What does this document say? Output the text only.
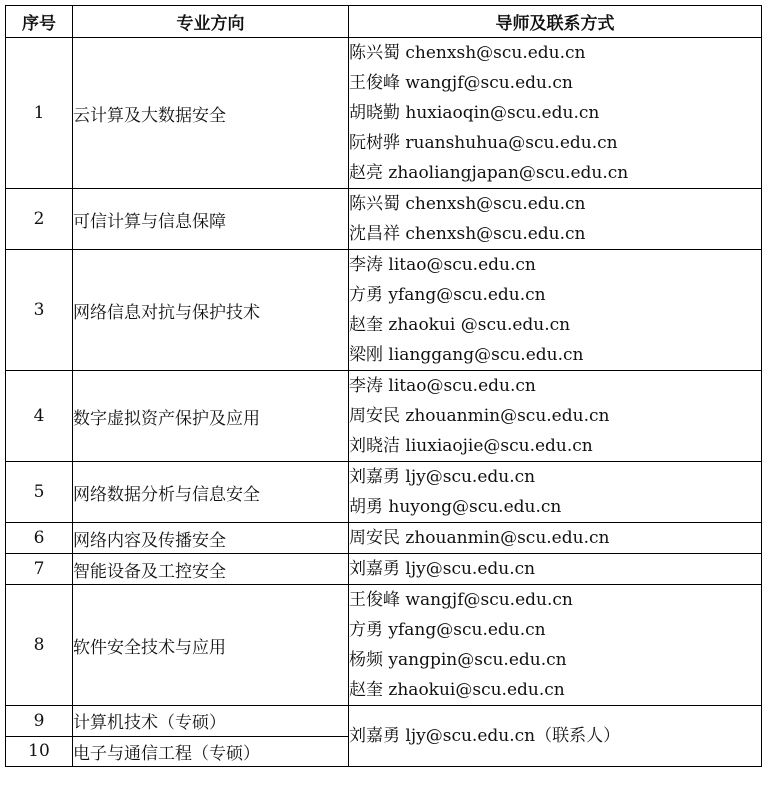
序号	专业方向	导师及联系方式
1	云计算及大数据安全	陈兴蜀 chenxsh@scu.edu.cn
王俊峰 wangjf@scu.edu.cn
胡晓勤 huxiaoqin@scu.edu.cn
阮树骅 ruanshuhua@scu.edu.cn
赵亮 zhaoliangjapan@scu.edu.cn

2	可信计算与信息保障	陈兴蜀 chenxsh@scu.edu.cn
沈昌祥 chenxsh@scu.edu.cn

3	网络信息对抗与保护技术	李涛 litao@scu.edu.cn
方勇 yfang@scu.edu.cn
赵奎 zhaokui @scu.edu.cn
梁刚 lianggang@scu.edu.cn

4	数字虚拟资产保护及应用	李涛 litao@scu.edu.cn
周安民 zhouanmin@scu.edu.cn
刘晓洁 liuxiaojie@scu.edu.cn

5	网络数据分析与信息安全	刘嘉勇 ljy@scu.edu.cn
胡勇 huyong@scu.edu.cn

6	网络内容及传播安全	周安民 zhouanmin@scu.edu.cn

7	智能设备及工控安全	刘嘉勇 ljy@scu.edu.cn

8	软件安全技术与应用	王俊峰 wangjf@scu.edu.cn
方勇 yfang@scu.edu.cn
杨频 yangpin@scu.edu.cn
赵奎 zhaokui@scu.edu.cn

9	计算机技术（专硕）	刘嘉勇 ljy@scu.edu.cn（联系人）

10	电子与通信工程（专硕）	
